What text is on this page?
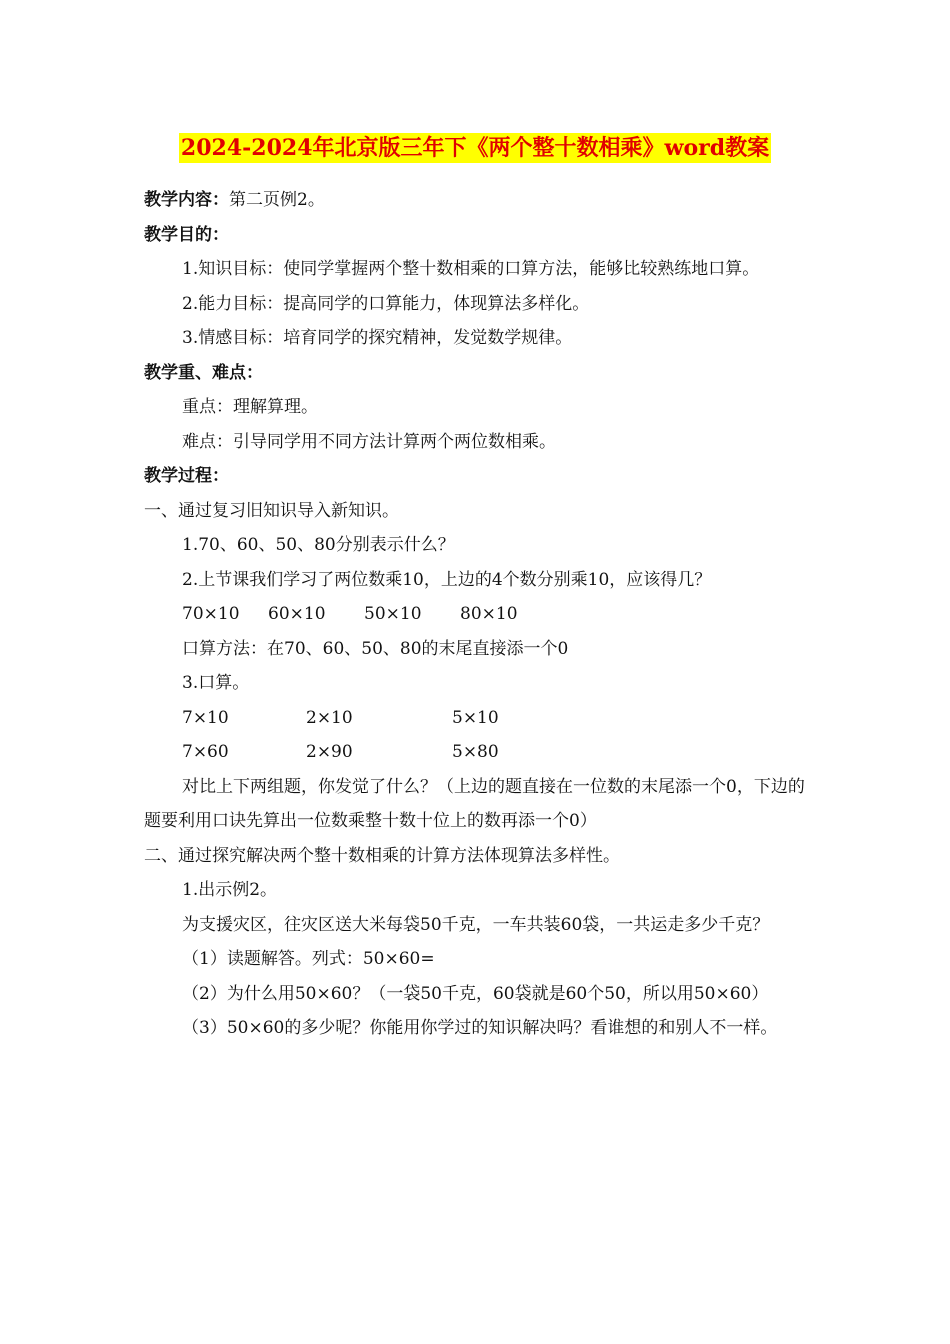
2024-2024年北京版三年下《两个整十数相乘》word教案

教学内容：第二页例2。

教学目的：

1.知识目标：使同学掌握两个整十数相乘的口算方法，能够比较熟练地口算。

2.能力目标：提高同学的口算能力，体现算法多样化。

3.情感目标：培育同学的探究精神，发觉数学规律。

教学重、难点：

重点：理解算理。

难点：引导同学用不同方法计算两个两位数相乘。

教学过程：

一、通过复习旧知识导入新知识。

1.70、60、50、80分别表示什么？

2.上节课我们学习了两位数乘10，上边的4个数分别乘10，应该得几？

70×10	60×10	50×10	80×10

口算方法：在70、60、50、80的末尾直接添一个0

3.口算。

7×10	2×10	5×10
7×60	2×90	5×80

对比上下两组题，你发觉了什么？（上边的题直接在一位数的末尾添一个0，下边的题要利用口诀先算出一位数乘整十数十位上的数再添一个0）

二、通过探究解决两个整十数相乘的计算方法体现算法多样性。

1.出示例2。

为支援灾区，往灾区送大米每袋50千克，一车共装60袋，一共运走多少千克？

（1）读题解答。列式：50×60=

（2）为什么用50×60？（一袋50千克，60袋就是60个50，所以用50×60）

（3）50×60的多少呢？你能用你学过的知识解决吗？看谁想的和别人不一样。
